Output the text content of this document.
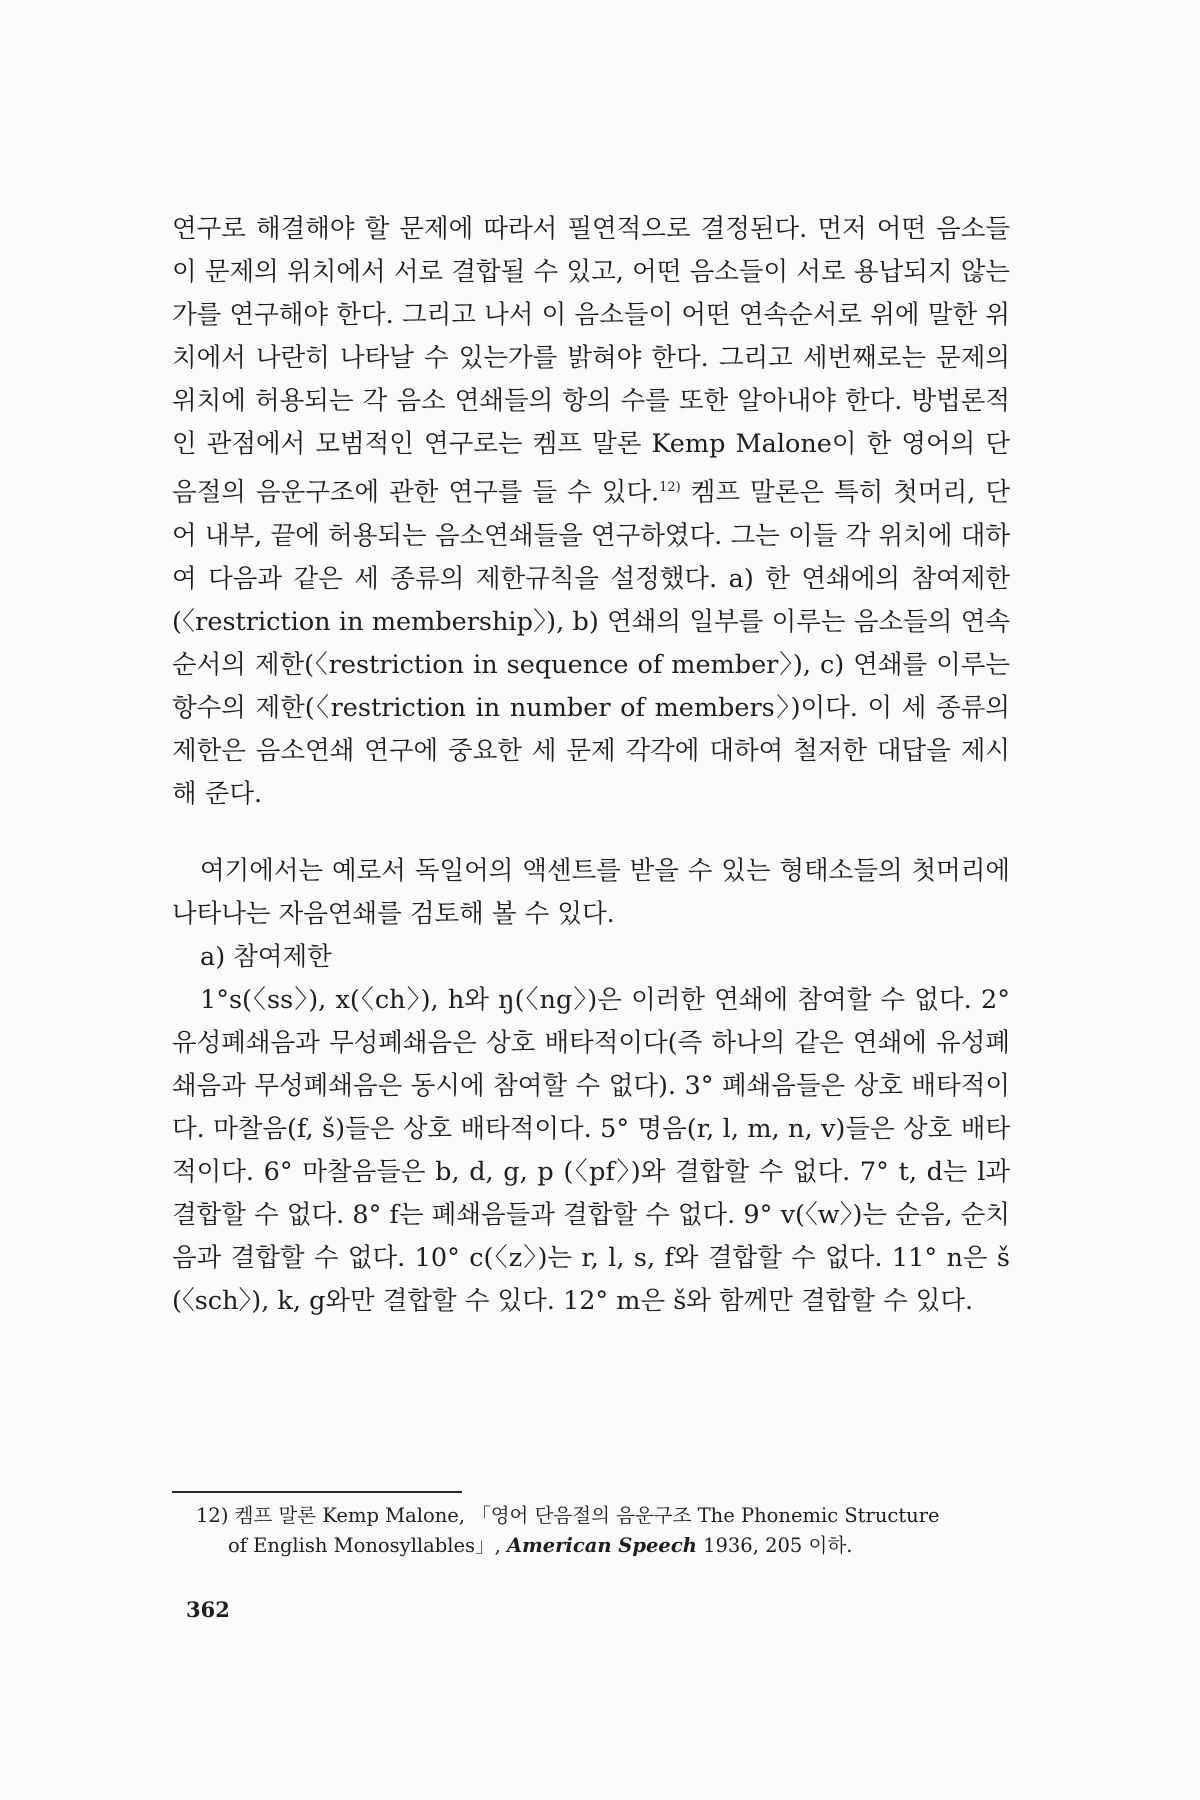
연구로 해결해야 할 문제에 따라서 필연적으로 결정된다. 먼저 어떤 음소들이 문제의 위치에서 서로 결합될 수 있고, 어떤 음소들이 서로 용납되지 않는가를 연구해야 한다. 그리고 나서 이 음소들이 어떤 연속순서로 위에 말한 위치에서 나란히 나타날 수 있는가를 밝혀야 한다. 그리고 세번째로는 문제의 위치에 허용되는 각 음소 연쇄들의 항의 수를 또한 알아내야 한다. 방법론적인 관점에서 모범적인 연구로는 켐프 말론 Kemp Malone이 한 영어의 단음절의 음운구조에 관한 연구를 들 수 있다.$^{12)}$ 켐프 말론은 특히 첫머리, 단어 내부, 끝에 허용되는 음소연쇄들을 연구하였다. 그는 이들 각 위치에 대하여 다음과 같은 세 종류의 제한규칙을 설정했다. a) 한 연쇄에의 참여제한(〈restriction in membership〉), b) 연쇄의 일부를 이루는 음소들의 연속순서의 제한(〈restriction in sequence of member〉), c) 연쇄를 이루는 항수의 제한(〈restriction in number of members〉)이다. 이 세 종류의 제한은 음소연쇄 연구에 중요한 세 문제 각각에 대하여 철저한 대답을 제시해 준다.

여기에서는 예로서 독일어의 액센트를 받을 수 있는 형태소들의 첫머리에 나타나는 자음연쇄를 검토해 볼 수 있다.

a) 참여제한

1°s(〈ss〉), x(〈ch〉), h와 ŋ(〈ng〉)은 이러한 연쇄에 참여할 수 없다. 2° 유성폐쇄음과 무성폐쇄음은 상호 배타적이다(즉 하나의 같은 연쇄에 유성폐쇄음과 무성폐쇄음은 동시에 참여할 수 없다). 3° 폐쇄음들은 상호 배타적이다. 마찰음(f, š)들은 상호 배타적이다. 5° 명음(r, l, m, n, v)들은 상호 배타적이다. 6° 마찰음들은 b, d, g, p (〈pf〉)와 결합할 수 없다. 7° t, d는 l과 결합할 수 없다. 8° f는 폐쇄음들과 결합할 수 없다. 9° v(〈w〉)는 순음, 순치음과 결합할 수 없다. 10° c(〈z〉)는 r, l, s, f와 결합할 수 없다. 11° n은 š (〈sch〉), k, g와만 결합할 수 있다. 12° m은 š와 함께만 결합할 수 있다.

12) 켐프 말론 Kemp Malone, 「영어 단음절의 음운구조 The Phonemic Structure
of English Monosyllables」, American Speech 1936, 205 이하.
362
